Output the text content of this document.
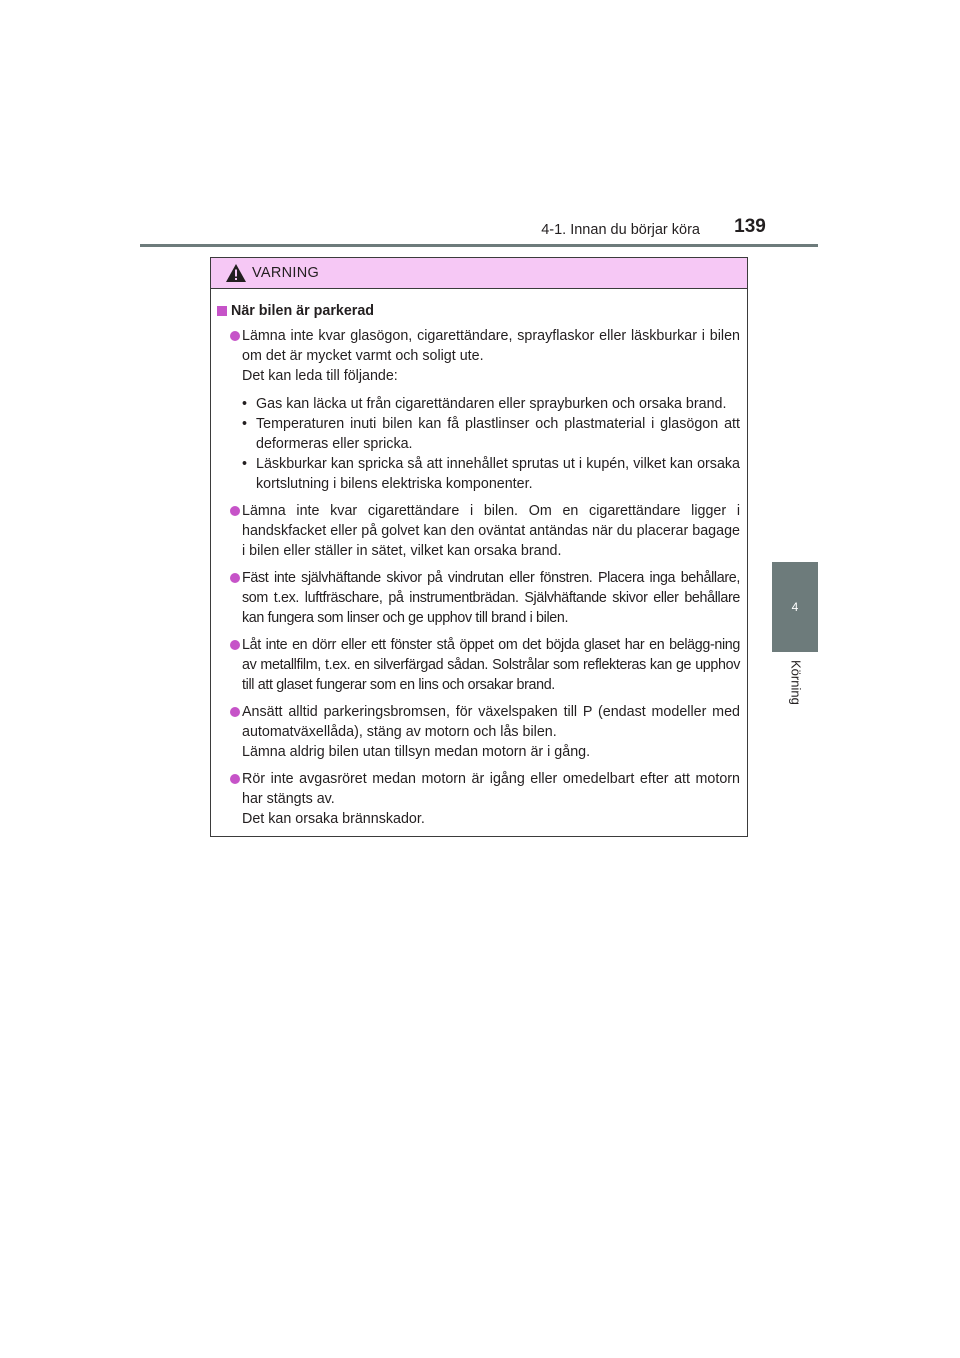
4-1. Innan du börjar köra	139
4
Körning
VARNING
När bilen är parkerad

Lämna inte kvar glasögon, cigarettändare, sprayflaskor eller läskburkar i bilen om det är mycket varmt och soligt ute.

Det kan leda till följande:

• Gas kan läcka ut från cigarettändaren eller sprayburken och orsaka brand.
• Temperaturen inuti bilen kan få plastlinser och plastmaterial i glasögon att deformeras eller spricka.
• Läskburkar kan spricka så att innehållet sprutas ut i kupén, vilket kan orsaka kortslutning i bilens elektriska komponenter.

Lämna inte kvar cigarettändare i bilen. Om en cigarettändare ligger i handskfacket eller på golvet kan den oväntat antändas när du placerar bagage i bilen eller ställer in sätet, vilket kan orsaka brand.

Fäst inte självhäftande skivor på vindrutan eller fönstren. Placera inga behållare, som t.ex. luftfräschare, på instrumentbrädan. Självhäftande skivor eller behållare kan fungera som linser och ge upphov till brand i bilen.

Låt inte en dörr eller ett fönster stå öppet om det böjda glaset har en belägg-ning av metallfilm, t.ex. en silverfärgad sådan. Solstrålar som reflekteras kan ge upphov till att glaset fungerar som en lins och orsakar brand.

Ansätt alltid parkeringsbromsen, för växelspaken till P (endast modeller med automatväxellåda), stäng av motorn och lås bilen.

Lämna aldrig bilen utan tillsyn medan motorn är i gång.

Rör inte avgasröret medan motorn är igång eller omedelbart efter att motorn har stängts av.

Det kan orsaka brännskador.
